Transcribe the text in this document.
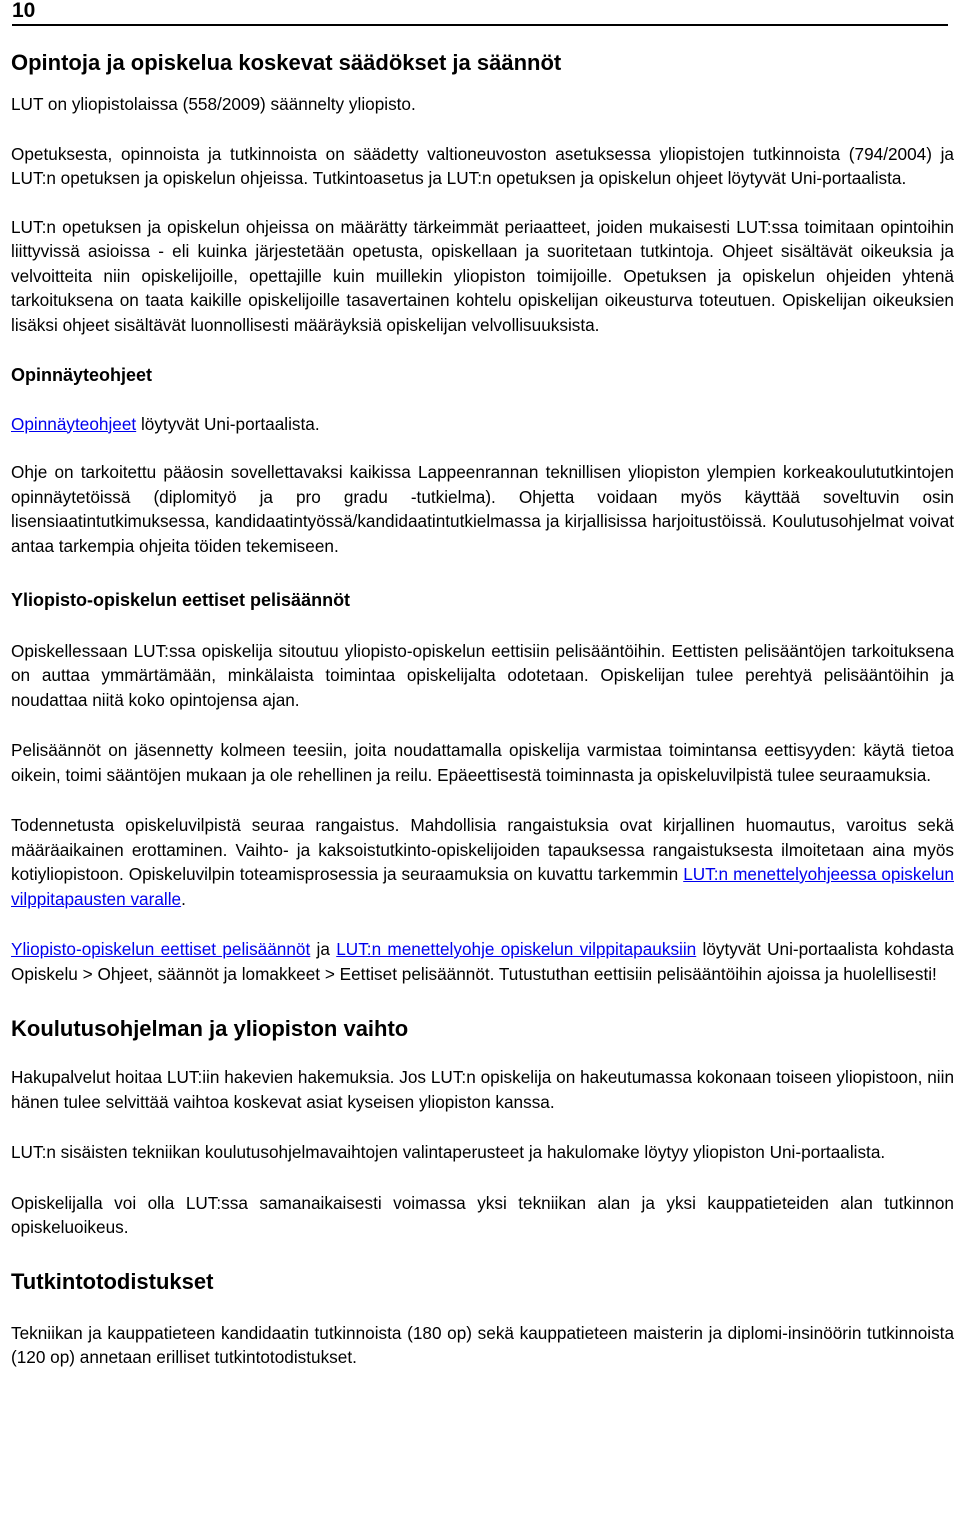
10
Opintoja ja opiskelua koskevat säädökset ja säännöt

LUT on yliopistolaissa (558/2009) säännelty yliopisto.

Opetuksesta, opinnoista ja tutkinnoista on säädetty valtioneuvoston asetuksessa yliopistojen tutkinnoista (794/2004) ja LUT:n opetuksen ja opiskelun ohjeissa. Tutkintoasetus ja LUT:n opetuksen ja opiskelun ohjeet löytyvät Uni-portaalista.

LUT:n opetuksen ja opiskelun ohjeissa on määrätty tärkeimmät periaatteet, joiden mukaisesti LUT:ssa toimitaan opintoihin liittyvissä asioissa - eli kuinka järjestetään opetusta, opiskellaan ja suoritetaan tutkintoja. Ohjeet sisältävät oikeuksia ja velvoitteita niin opiskelijoille, opettajille kuin muillekin yliopiston toimijoille. Opetuksen ja opiskelun ohjeiden yhtenä tarkoituksena on taata kaikille opiskelijoille tasavertainen kohtelu opiskelijan oikeusturva toteutuen. Opiskelijan oikeuksien lisäksi ohjeet sisältävät luonnollisesti määräyksiä opiskelijan velvollisuuksista.

Opinnäyteohjeet

Opinnäyteohjeet löytyvät Uni-portaalista.

Ohje on tarkoitettu pääosin sovellettavaksi kaikissa Lappeenrannan teknillisen yliopiston ylempien korkeakoulututkintojen opinnäytetöissä (diplomityö ja pro gradu -tutkielma). Ohjetta voidaan myös käyttää soveltuvin osin lisensiaatintutkimuksessa, kandidaatintyössä/kandidaatintutkielmassa ja kirjallisissa harjoitustöissä. Koulutusohjelmat voivat antaa tarkempia ohjeita töiden tekemiseen.

Yliopisto-opiskelun eettiset pelisäännöt

Opiskellessaan LUT:ssa opiskelija sitoutuu yliopisto-opiskelun eettisiin pelisääntöihin. Eettisten pelisääntöjen tarkoituksena on auttaa ymmärtämään, minkälaista toimintaa opiskelijalta odotetaan. Opiskelijan tulee perehtyä pelisääntöihin ja noudattaa niitä koko opintojensa ajan.

Pelisäännöt on jäsennetty kolmeen teesiin, joita noudattamalla opiskelija varmistaa toimintansa eettisyyden: käytä tietoa oikein, toimi sääntöjen mukaan ja ole rehellinen ja reilu. Epäeettisestä toiminnasta ja opiskeluvilpistä tulee seuraamuksia.

Todennetusta opiskeluvilpistä seuraa rangaistus. Mahdollisia rangaistuksia ovat kirjallinen huomautus, varoitus sekä määräaikainen erottaminen. Vaihto- ja kaksoistutkinto-opiskelijoiden tapauksessa rangaistuksesta ilmoitetaan aina myös kotiyliopistoon. Opiskeluvilpin toteamisprosessia ja seuraamuksia on kuvattu tarkemmin LUT:n menettelyohjeessa opiskelun vilppitapausten varalle.

Yliopisto-opiskelun eettiset pelisäännöt ja LUT:n menettelyohje opiskelun vilppitapauksiin löytyvät Uni-portaalista kohdasta Opiskelu > Ohjeet, säännöt ja lomakkeet > Eettiset pelisäännöt. Tutustuthan eettisiin pelisääntöihin ajoissa ja huolellisesti!

Koulutusohjelman ja yliopiston vaihto

Hakupalvelut hoitaa LUT:iin hakevien hakemuksia. Jos LUT:n opiskelija on hakeutumassa kokonaan toiseen yliopistoon, niin hänen tulee selvittää vaihtoa koskevat asiat kyseisen yliopiston kanssa.

LUT:n sisäisten tekniikan koulutusohjelmavaihtojen valintaperusteet ja hakulomake löytyy yliopiston Uni-portaalista.

Opiskelijalla voi olla LUT:ssa samanaikaisesti voimassa yksi tekniikan alan ja yksi kauppatieteiden alan tutkinnon opiskeluoikeus.

Tutkintotodistukset

Tekniikan ja kauppatieteen kandidaatin tutkinnoista (180 op) sekä kauppatieteen maisterin ja diplomi-insinöörin tutkinnoista (120 op) annetaan erilliset tutkintotodistukset.
